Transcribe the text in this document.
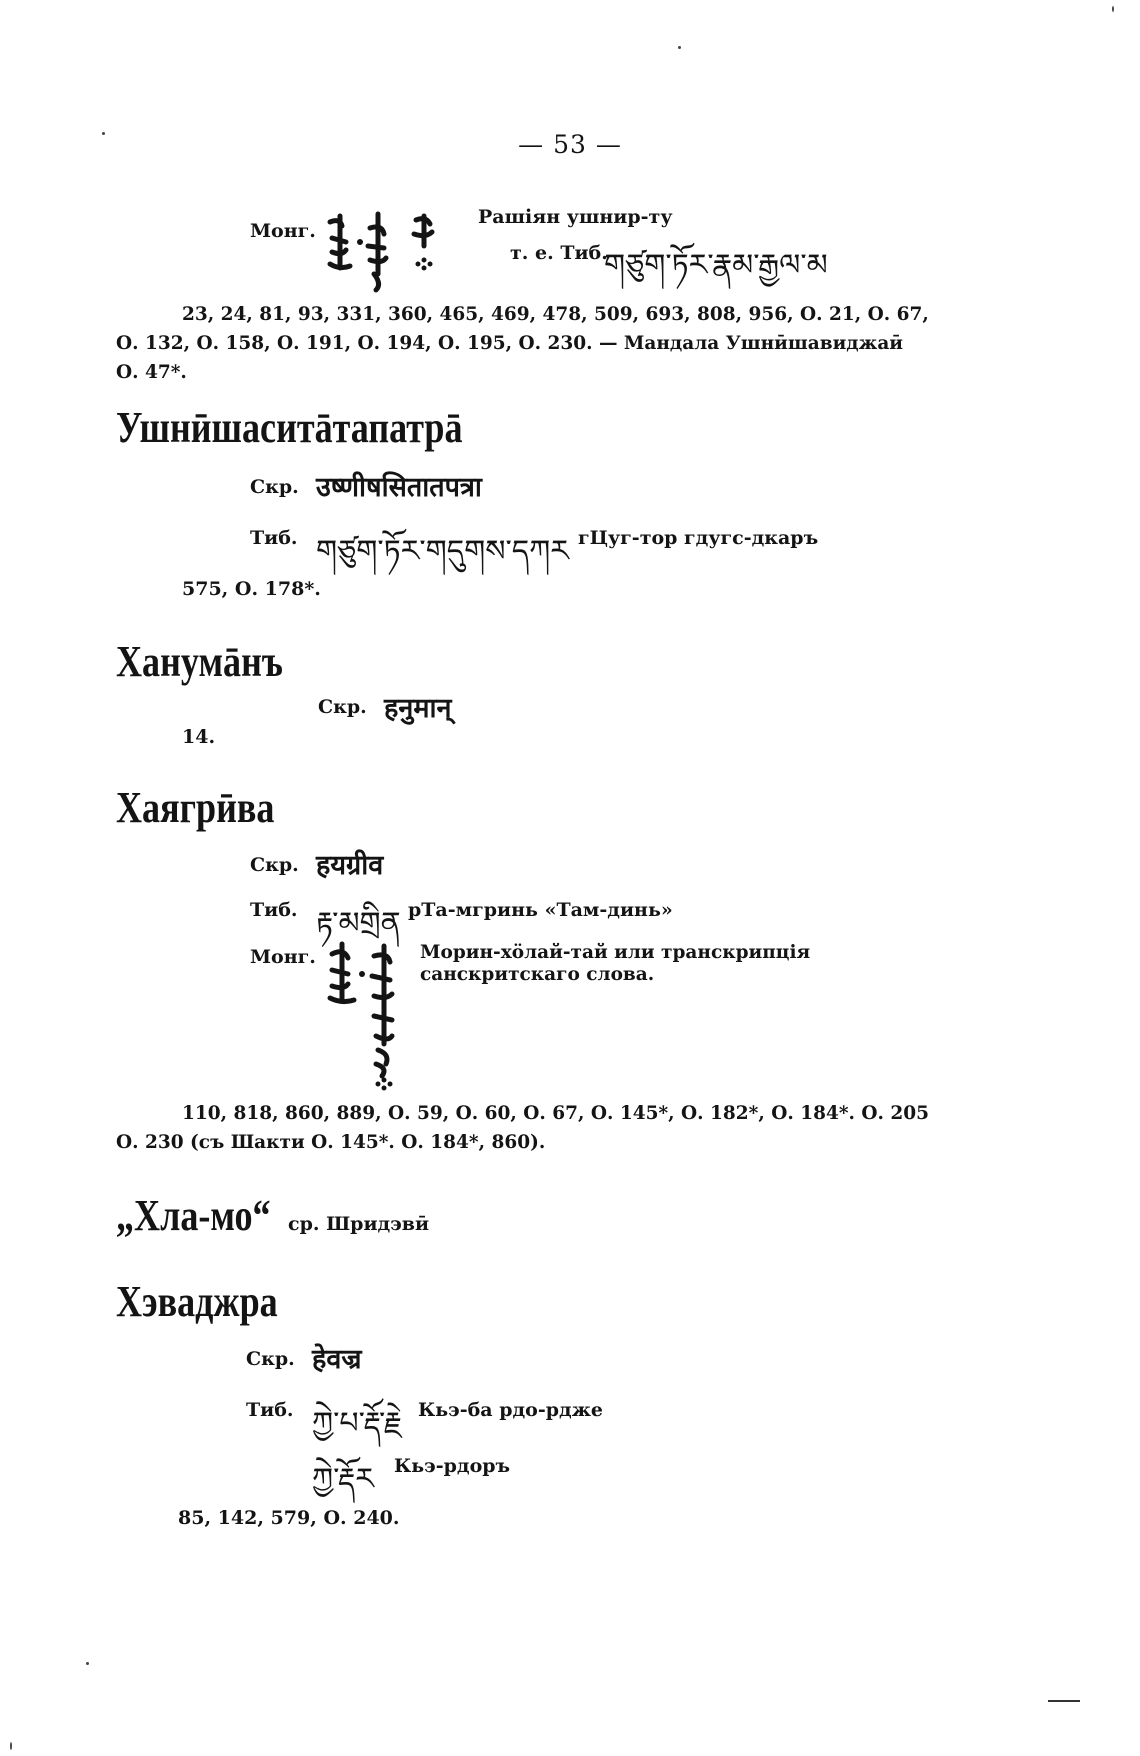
— 53 —
Монг.
Рашіян ушнир-ту
т. е. Тиб.
གཙུག་ཏོར་རྣམ་རྒྱལ་མ
23, 24, 81, 93, 331, 360, 465, 469, 478, 509, 693, 808, 956, О. 21, О. 67, О. 132, О. 158, О. 191, О. 194, О. 195, О. 230. — Мандала Ушнӣшавиджаӣ О. 47*.
Ушнӣшаситāтапатрā
Скр. उष्णीषसितातपत्रा
Тиб. གཙུག་ཏོར་གདུགས་དཀར гЦуг-тор гдугс-дкаръ
575, О. 178*.
Ханумāнъ
Скр. हनुमान्
14.
Хаягрӣва
Скр. हयग्रीव
Тиб. རྟ་མགྲིན рТа-мгринь «Там-динь»
Монг.	Морин-хӧлай-тай или транскрипція санскритскаго слова.
110, 818, 860, 889, О. 59, О. 60, О. 67, О. 145*, О. 182*, О. 184*. О. 205 О. 230 (съ Шакти О. 145*. О. 184*, 860).
„Хла-мо“ ср. Шридэвӣ
Хэваджра
Скр. हेवज्र
Тиб. ཀྱེ་པ་རྡོ་རྗེ Кьэ-ба рдо-рдже
ཀྱེ་རྡོར Кьэ-рдоръ
85, 142, 579, О. 240.
